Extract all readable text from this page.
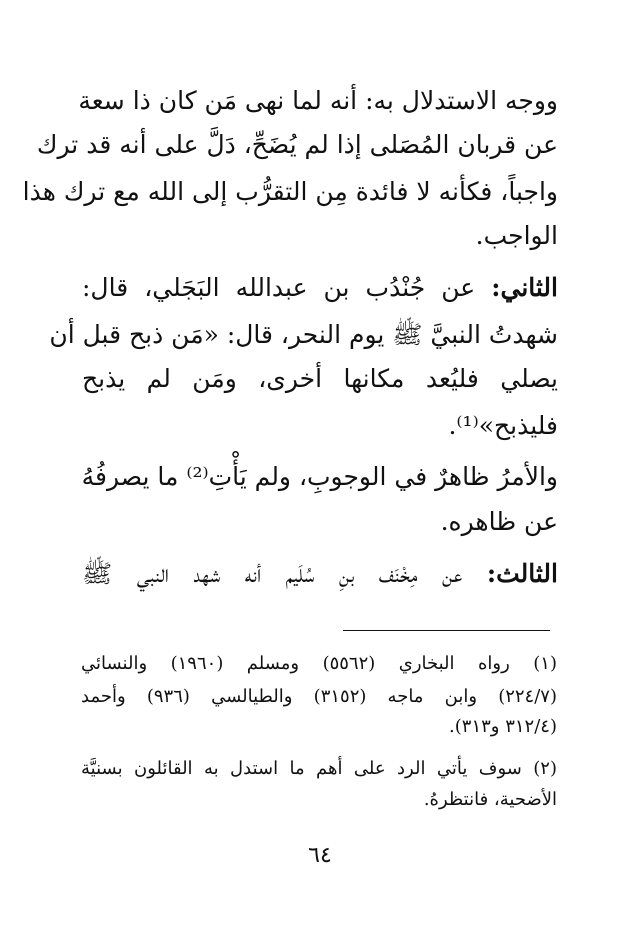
ووجه الاستدلال به: أنه لما نهى مَن كان ذا سعة
عن قربان المُصَلى إذا لم يُضَحِّ، دَلَّ على أنه قد ترك
واجباً، فكأنه لا فائدة مِن التقرُّب إلى الله مع ترك هذا
الواجب.
الثاني: عن جُنْدُب بن عبدالله البَجَلي، قال:
شهدتُ النبيَّ ﷺ يوم النحر، قال: «مَن ذبح قبل أن
يصلي فليُعد مكانها أخرى، ومَن لم يذبح
فليذبح»⁽¹⁾.
والأمرُ ظاهرٌ في الوجوبِ، ولم يَأْتِ⁽²⁾ ما يصرفُهُ
عن ظاهره.
الثالث: عن مِخْنَف بنِ سُلَيم أنه شهد النبي ﷺ
(١) رواه البخاري (٥٥٦٢) ومسلم (١٩٦٠) والنسائي
(٢٢٤/٧) وابن ماجه (٣١٥٢) والطيالسي (٩٣٦) وأحمد
(٣١٢/٤ و٣١٣).
(٢) سوف يأتي الرد على أهم ما استدل به القائلون بسنيَّة
الأضحية، فانتظرهُ.
٦٤
